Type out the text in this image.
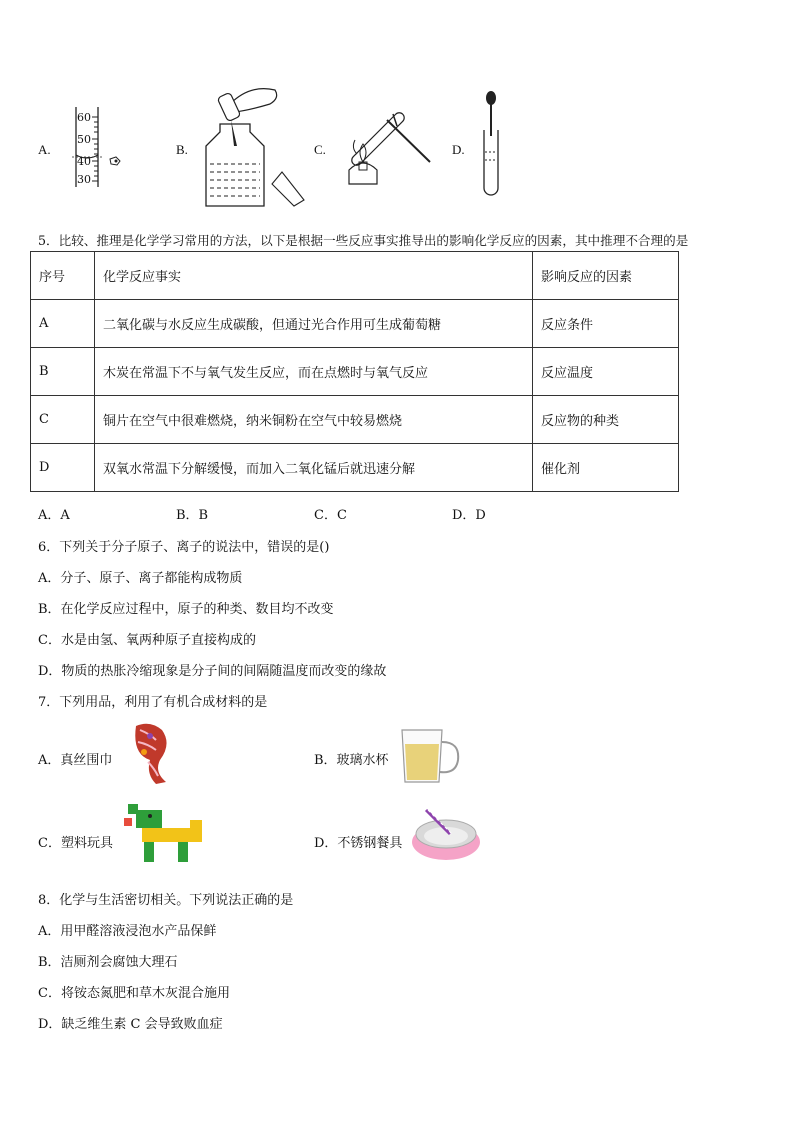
A.
60
50
40
30
B.	C.	D.
5．比较、推理是化学学习常用的方法，以下是根据一些反应事实推导出的影响化学反应的因素，其中推理不合理的是
序号	化学反应事实	影响反应的因素
A	二氧化碳与水反应生成碳酸，但通过光合作用可生成葡萄糖	反应条件
B	木炭在常温下不与氧气发生反应，而在点燃时与氧气反应	反应温度
C	铜片在空气中很难燃烧，纳米铜粉在空气中较易燃烧	反应物的种类
D	双氧水常温下分解缓慢，而加入二氧化锰后就迅速分解	催化剂
A．A	B．B	C．C	D．D
6．下列关于分子原子、离子的说法中，错误的是()
A．分子、原子、离子都能构成物质
B．在化学反应过程中，原子的种类、数目均不改变
C．水是由氢、氧两种原子直接构成的
D．物质的热胀冷缩现象是分子间的间隔随温度而改变的缘故
7．下列用品，利用了有机合成材料的是
A．真丝围巾	B．玻璃水杯
C．塑料玩具	D．不锈钢餐具
8．化学与生活密切相关。下列说法正确的是
A．用甲醛溶液浸泡水产品保鲜
B．洁厕剂会腐蚀大理石
C．将铵态氮肥和草木灰混合施用
D．缺乏维生素 C 会导致败血症
